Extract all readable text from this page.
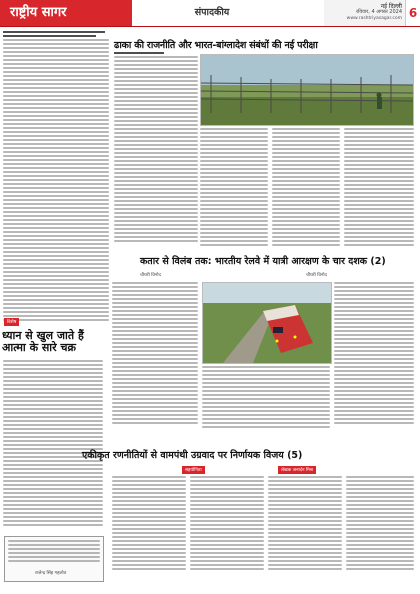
राष्ट्रीय सागर	संपादकीय
नई दिल्ली
रविवार, 4 अगस्त 2024
www.rashtriyasagar.com 6
ढाका की राजनीति और भारत-बांग्लादेश संबंधों की नई परीक्षा
कतार से विलंब तक: भारतीय रेलवे में यात्री आरक्षण के चार दशक (2)
विशेष
ध्यान से खुल जाते हैं आत्मा के सारे चक्र
राजेन्द्र सिंह गहलोत
चौधरी विनोद	चौधरी विनोद
एकीकृत रणनीतियों से वामपंथी उग्रवाद पर निर्णायक विजय (5)
सहयोगिता	लेखक जनार्दन मिश्र
